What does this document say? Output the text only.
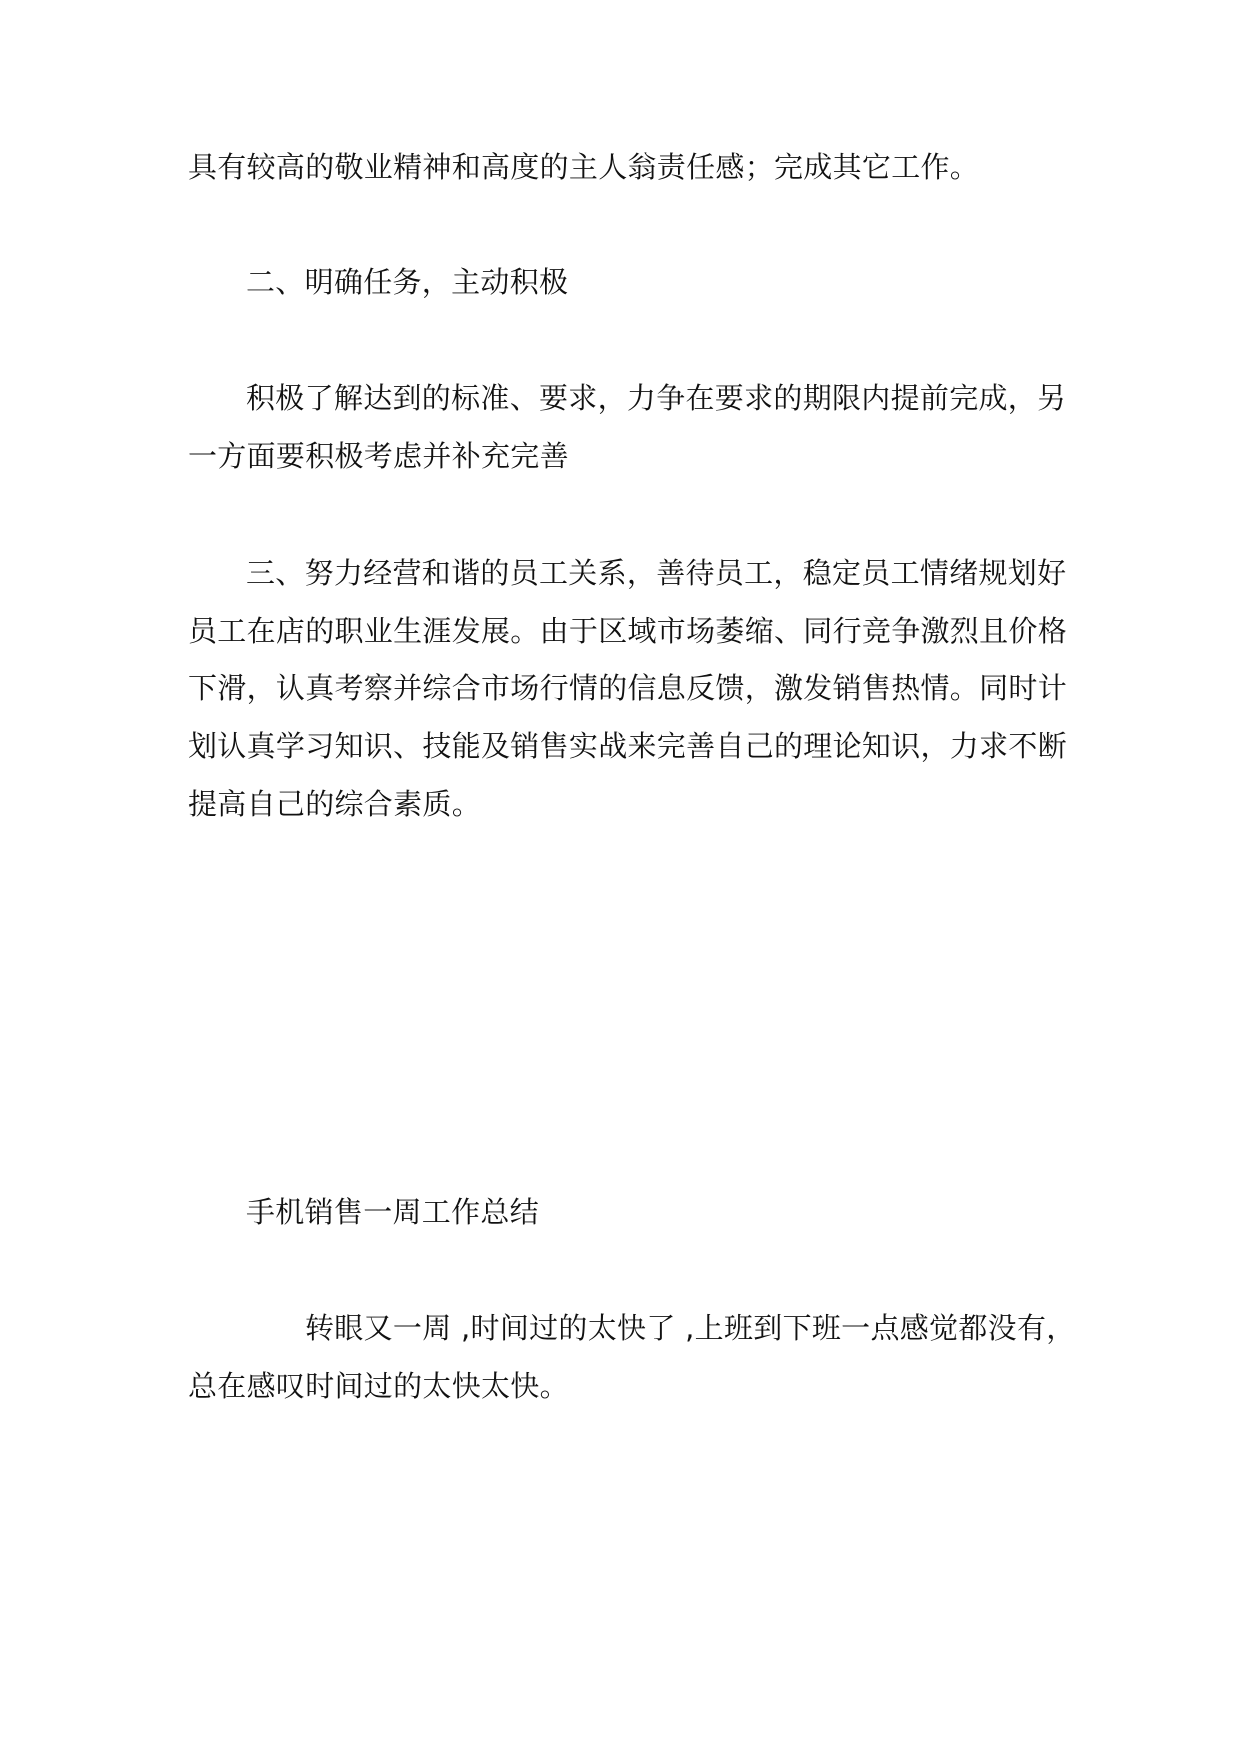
具有较高的敬业精神和高度的主人翁责任感；完成其它工作。

二、明确任务，主动积极

积极了解达到的标准、要求，力争在要求的期限内提前完成，另

一方面要积极考虑并补充完善

三、努力经营和谐的员工关系，善待员工，稳定员工情绪规划好

员工在店的职业生涯发展。由于区域市场萎缩、同行竞争激烈且价格

下滑，认真考察并综合市场行情的信息反馈，激发销售热情。同时计

划认真学习知识、技能及销售实战来完善自己的理论知识，力求不断

提高自己的综合素质。

手机销售一周工作总结

转眼又一周 ,时间过的太快了 ,上班到下班一点感觉都没有，

总在感叹时间过的太快太快。
